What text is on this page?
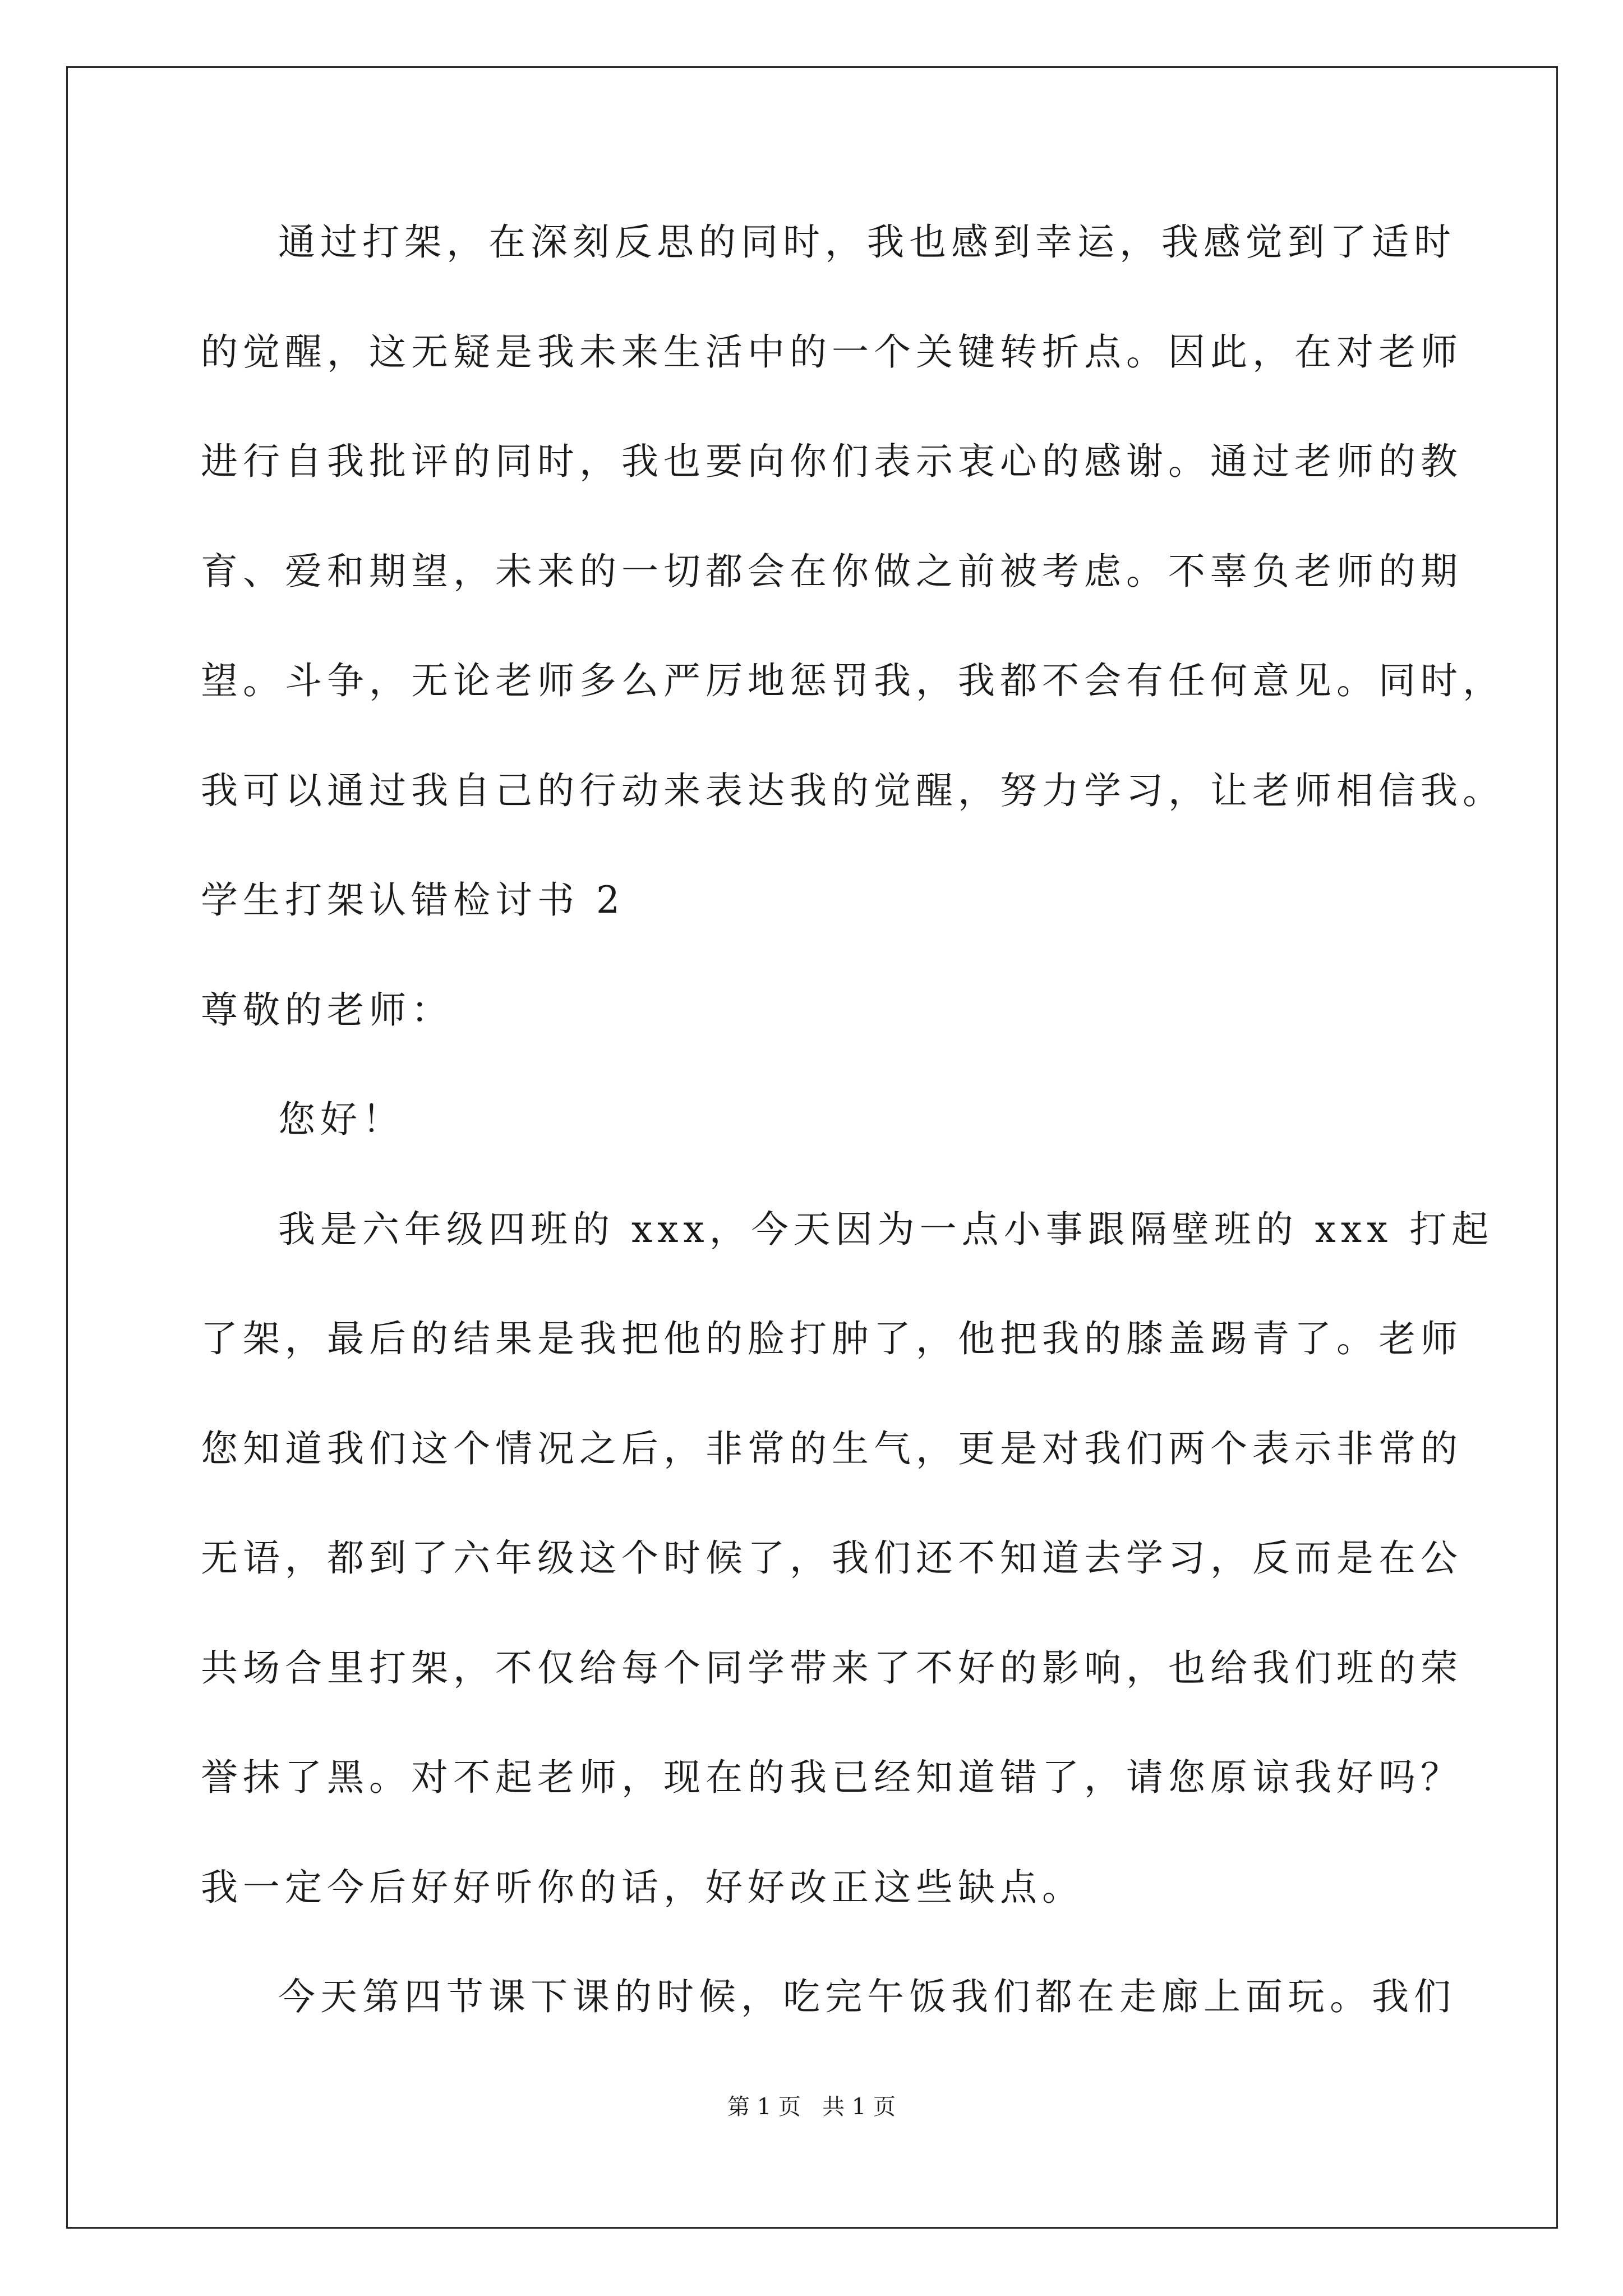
通过打架，在深刻反思的同时，我也感到幸运，我感觉到了适时
的觉醒，这无疑是我未来生活中的一个关键转折点。因此，在对老师
进行自我批评的同时，我也要向你们表示衷心的感谢。通过老师的教
育、爱和期望，未来的一切都会在你做之前被考虑。不辜负老师的期
望。斗争，无论老师多么严厉地惩罚我，我都不会有任何意见。同时，
我可以通过我自己的行动来表达我的觉醒，努力学习，让老师相信我。
学生打架认错检讨书 2
尊敬的老师：
您好！
我是六年级四班的 xxx，今天因为一点小事跟隔壁班的 xxx 打起
了架，最后的结果是我把他的脸打肿了，他把我的膝盖踢青了。老师
您知道我们这个情况之后，非常的生气，更是对我们两个表示非常的
无语，都到了六年级这个时候了，我们还不知道去学习，反而是在公
共场合里打架，不仅给每个同学带来了不好的影响，也给我们班的荣
誉抹了黑。对不起老师，现在的我已经知道错了，请您原谅我好吗？
我一定今后好好听你的话，好好改正这些缺点。
今天第四节课下课的时候，吃完午饭我们都在走廊上面玩。我们
第 1 页   共 1 页
